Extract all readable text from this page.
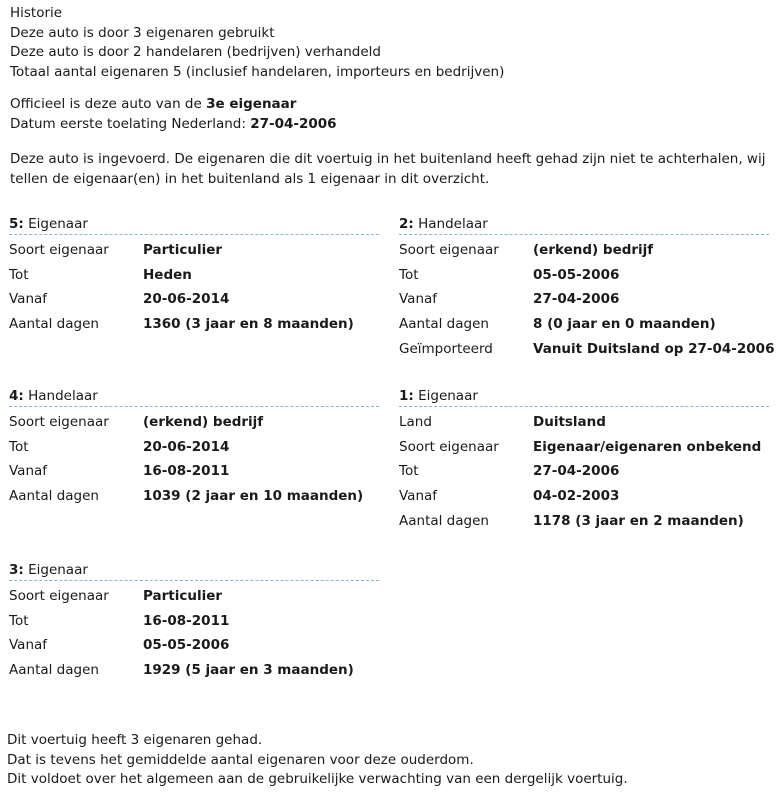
Historie
Deze auto is door 3 eigenaren gebruikt
Deze auto is door 2 handelaren (bedrijven) verhandeld
Totaal aantal eigenaren 5 (inclusief handelaren, importeurs en bedrijven)
Officieel is deze auto van de 3e eigenaar
Datum eerste toelating Nederland: 27-04-2006
Deze auto is ingevoerd. De eigenaren die dit voertuig in het buitenland heeft gehad zijn niet te achterhalen, wij tellen de eigenaar(en) in het buitenland als 1 eigenaar in dit overzicht.
5: Eigenaar
Soort eigenaar	Particulier
Tot	Heden
Vanaf	20-06-2014
Aantal dagen	1360 (3 jaar en 8 maanden)
2: Handelaar
Soort eigenaar	(erkend) bedrijf
Tot	05-05-2006
Vanaf	27-04-2006
Aantal dagen	8 (0 jaar en 0 maanden)
Geïmporteerd	Vanuit Duitsland op 27-04-2006
4: Handelaar
Soort eigenaar	(erkend) bedrijf
Tot	20-06-2014
Vanaf	16-08-2011
Aantal dagen	1039 (2 jaar en 10 maanden)
1: Eigenaar
Land	Duitsland
Soort eigenaar	Eigenaar/eigenaren onbekend
Tot	27-04-2006
Vanaf	04-02-2003
Aantal dagen	1178 (3 jaar en 2 maanden)
3: Eigenaar
Soort eigenaar	Particulier
Tot	16-08-2011
Vanaf	05-05-2006
Aantal dagen	1929 (5 jaar en 3 maanden)
Dit voertuig heeft 3 eigenaren gehad.
Dat is tevens het gemiddelde aantal eigenaren voor deze ouderdom.
Dit voldoet over het algemeen aan de gebruikelijke verwachting van een dergelijk voertuig.
